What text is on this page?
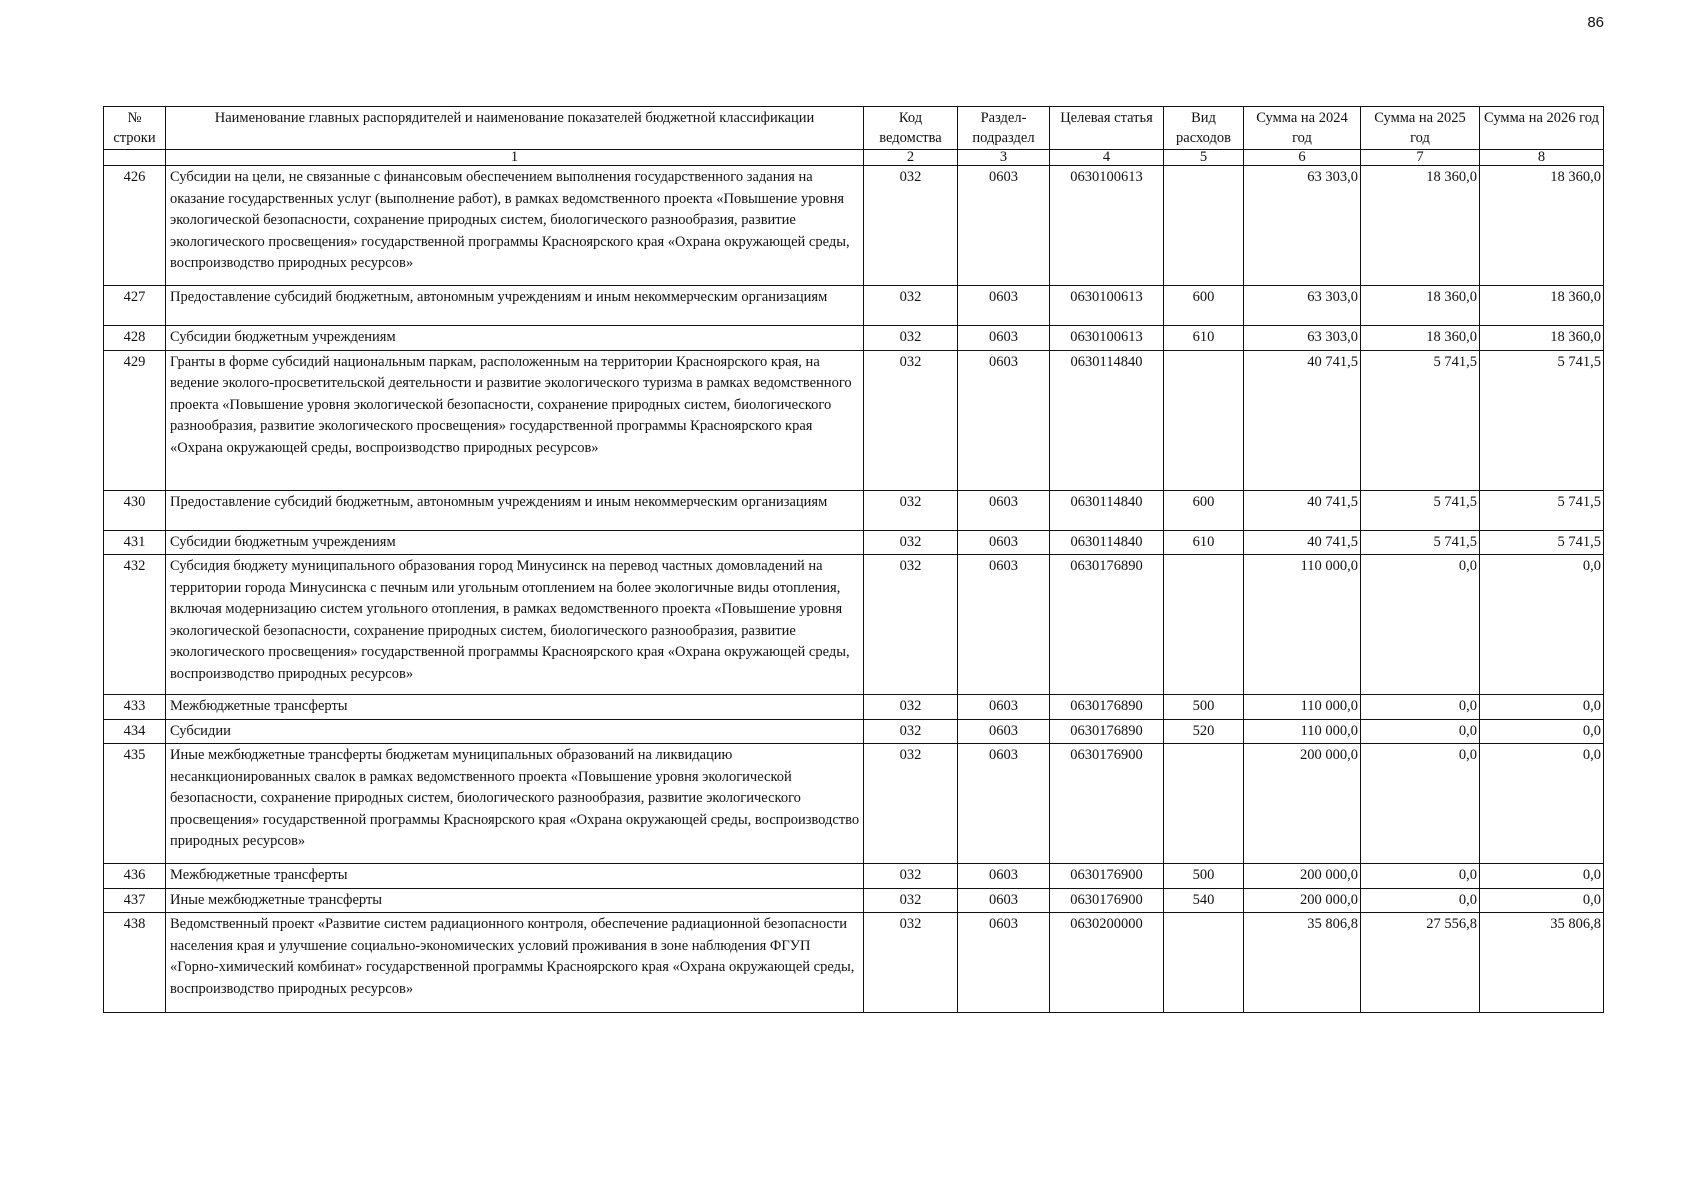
86
№ строки	Наименование главных распорядителей и наименование показателей бюджетной классификации	Код ведомства	Раздел-подраздел	Целевая статья	Вид расходов	Сумма на 2024 год	Сумма на 2025 год	Сумма на 2026 год
	1	2	3	4	5	6	7	8
426	Субсидии на цели, не связанные с финансовым обеспечением выполнения государственного задания на оказание государственных услуг (выполнение работ), в рамках ведомственного проекта «Повышение уровня экологической безопасности, сохранение природных систем, биологического разнообразия, развитие экологического просвещения» государственной программы Красноярского края «Охрана окружающей среды, воспроизводство природных ресурсов»	032	0603	0630100613		63 303,0	18 360,0	18 360,0
427	Предоставление субсидий бюджетным, автономным учреждениям и иным некоммерческим организациям	032	0603	0630100613	600	63 303,0	18 360,0	18 360,0
428	Субсидии бюджетным учреждениям	032	0603	0630100613	610	63 303,0	18 360,0	18 360,0
429	Гранты в форме субсидий национальным паркам, расположенным на территории Красноярского края, на ведение эколого-просветительской деятельности и развитие экологического туризма в рамках ведомственного проекта «Повышение уровня экологической безопасности, сохранение природных систем, биологического разнообразия, развитие экологического просвещения» государственной программы Красноярского края «Охрана окружающей среды, воспроизводство природных ресурсов»	032	0603	0630114840		40 741,5	5 741,5	5 741,5
430	Предоставление субсидий бюджетным, автономным учреждениям и иным некоммерческим организациям	032	0603	0630114840	600	40 741,5	5 741,5	5 741,5
431	Субсидии бюджетным учреждениям	032	0603	0630114840	610	40 741,5	5 741,5	5 741,5
432	Субсидия бюджету муниципального образования город Минусинск на перевод частных домовладений на территории города Минусинска с печным или угольным отоплением на более экологичные виды отопления, включая модернизацию систем угольного отопления, в рамках ведомственного проекта «Повышение уровня экологической безопасности, сохранение природных систем, биологического разнообразия, развитие экологического просвещения» государственной программы Красноярского края «Охрана окружающей среды, воспроизводство природных ресурсов»	032	0603	0630176890		110 000,0	0,0	0,0
433	Межбюджетные трансферты	032	0603	0630176890	500	110 000,0	0,0	0,0
434	Субсидии	032	0603	0630176890	520	110 000,0	0,0	0,0
435	Иные межбюджетные трансферты бюджетам муниципальных образований на ликвидацию несанкционированных свалок в рамках ведомственного проекта «Повышение уровня экологической безопасности, сохранение природных систем, биологического разнообразия, развитие экологического просвещения» государственной программы Красноярского края «Охрана окружающей среды, воспроизводство природных ресурсов»	032	0603	0630176900		200 000,0	0,0	0,0
436	Межбюджетные трансферты	032	0603	0630176900	500	200 000,0	0,0	0,0
437	Иные межбюджетные трансферты	032	0603	0630176900	540	200 000,0	0,0	0,0
438	Ведомственный проект «Развитие систем радиационного контроля, обеспечение радиационной безопасности населения края и улучшение социально-экономических условий проживания в зоне наблюдения ФГУП «Горно-химический комбинат» государственной программы Красноярского края «Охрана окружающей среды, воспроизводство природных ресурсов»	032	0603	0630200000		35 806,8	27 556,8	35 806,8
